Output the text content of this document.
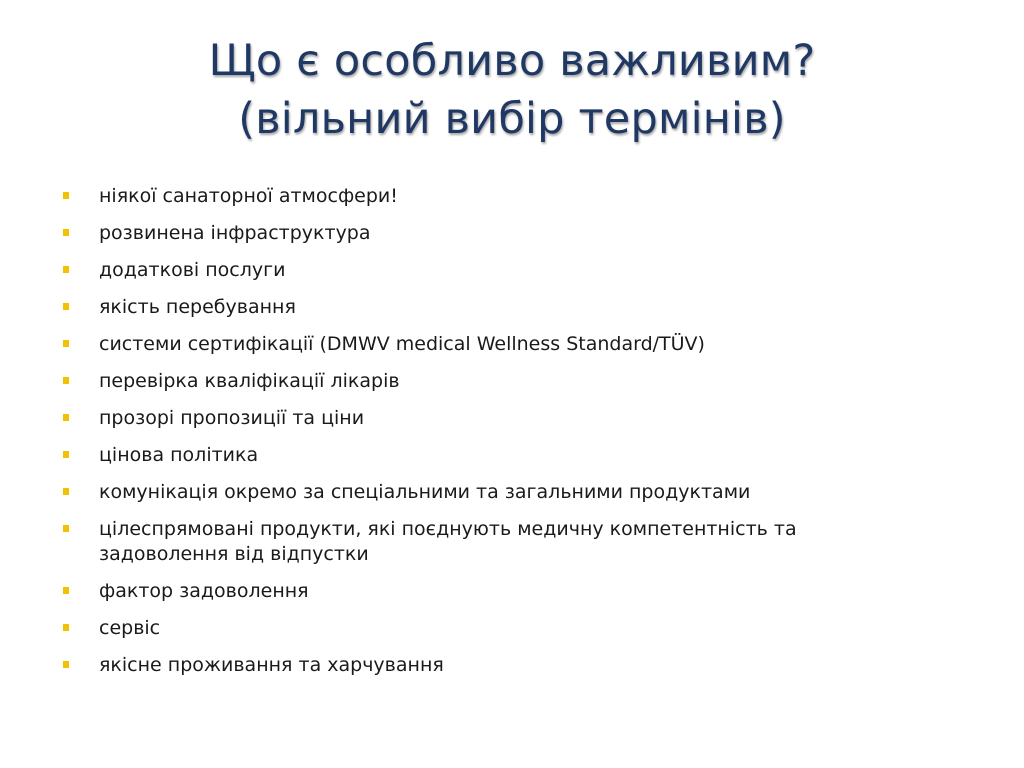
Що є особливо важливим?
(вільний вибір термінів)
ніякої санаторної атмосфери!
розвинена інфраструктура
додаткові послуги
якість перебування
системи сертифікації (DMWV medical Wellness Standard/TÜV)
перевірка кваліфікації лікарів
прозорі пропозиції та ціни
цінова політика
комунікація окремо за спеціальними та загальними продуктами
цілеспрямовані продукти, які поєднують медичну компетентність та задоволення від відпустки
фактор задоволення
сервіс
якісне проживання та харчування
